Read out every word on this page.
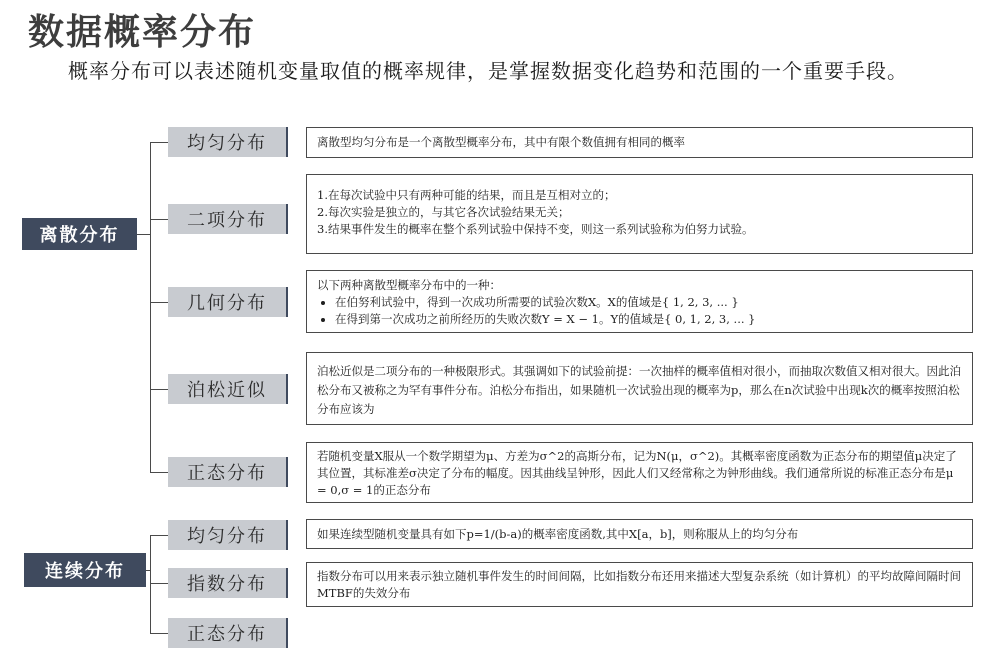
数据概率分布
概率分布可以表述随机变量取值的概率规律，是掌握数据变化趋势和范围的一个重要手段。
离散分布
连续分布
均匀分布
二项分布
几何分布
泊松近似
正态分布
均匀分布
指数分布
正态分布
离散型均匀分布是一个离散型概率分布，其中有限个数值拥有相同的概率
1.在每次试验中只有两种可能的结果，而且是互相对立的；
2.每次实验是独立的，与其它各次试验结果无关；
3.结果事件发生的概率在整个系列试验中保持不变，则这一系列试验称为伯努力试验。
以下两种离散型概率分布中的一种：
• 在伯努利试验中，得到一次成功所需要的试验次数X。X的值域是{ 1, 2, 3, ... }
• 在得到第一次成功之前所经历的失败次数Y = X − 1。Y的值域是{ 0, 1, 2, 3, ... }
泊松近似是二项分布的一种极限形式。其强调如下的试验前提：一次抽样的概率值相对很小，而抽取次数值又相对很大。因此泊松分布又被称之为罕有事件分布。泊松分布指出，如果随机一次试验出现的概率为p，那么在n次试验中出现k次的概率按照泊松分布应该为
若随机变量X服从一个数学期望为μ、方差为σ^2的高斯分布，记为N(μ，σ^2)。其概率密度函数为正态分布的期望值μ决定了其位置，其标准差σ决定了分布的幅度。因其曲线呈钟形，因此人们又经常称之为钟形曲线。我们通常所说的标准正态分布是μ = 0,σ = 1的正态分布
如果连续型随机变量具有如下p=1/(b-a)的概率密度函数,其中X[a，b]，则称服从上的均匀分布
指数分布可以用来表示独立随机事件发生的时间间隔，比如指数分布还用来描述大型复杂系统（如计算机）的平均故障间隔时间MTBF的失效分布
